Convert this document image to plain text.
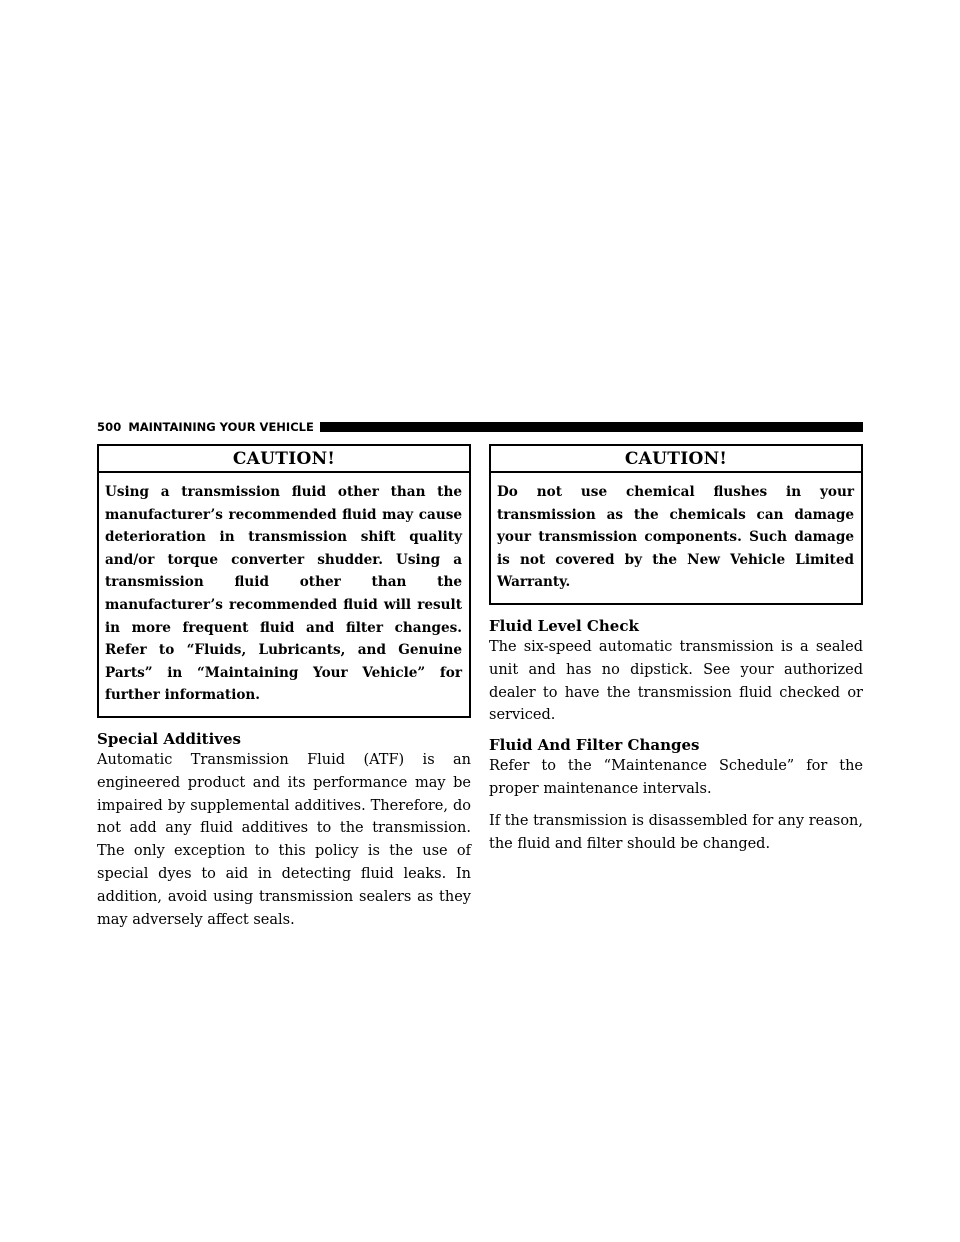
500 MAINTAINING YOUR VEHICLE
CAUTION!
Using a transmission fluid other than the manufacturer’s recommended fluid may cause deterioration in transmission shift quality and/or torque converter shudder. Using a transmission fluid other than the manufacturer’s recommended fluid will result in more frequent fluid and filter changes. Refer to “Fluids, Lubricants, and Genuine Parts” in “Maintaining Your Vehicle” for further information.
Special Additives

Automatic Transmission Fluid (ATF) is an engineered product and its performance may be impaired by supplemental additives. Therefore, do not add any fluid additives to the transmission. The only exception to this policy is the use of special dyes to aid in detecting fluid leaks. In addition, avoid using transmission sealers as they may adversely affect seals.

CAUTION!
Do not use chemical flushes in your transmission as the chemicals can damage your transmission components. Such damage is not covered by the New Vehicle Limited Warranty.
Fluid Level Check

The six-speed automatic transmission is a sealed unit and has no dipstick. See your authorized dealer to have the transmission fluid checked or serviced.

Fluid And Filter Changes

Refer to the “Maintenance Schedule” for the proper maintenance intervals.

If the transmission is disassembled for any reason, the fluid and filter should be changed.
